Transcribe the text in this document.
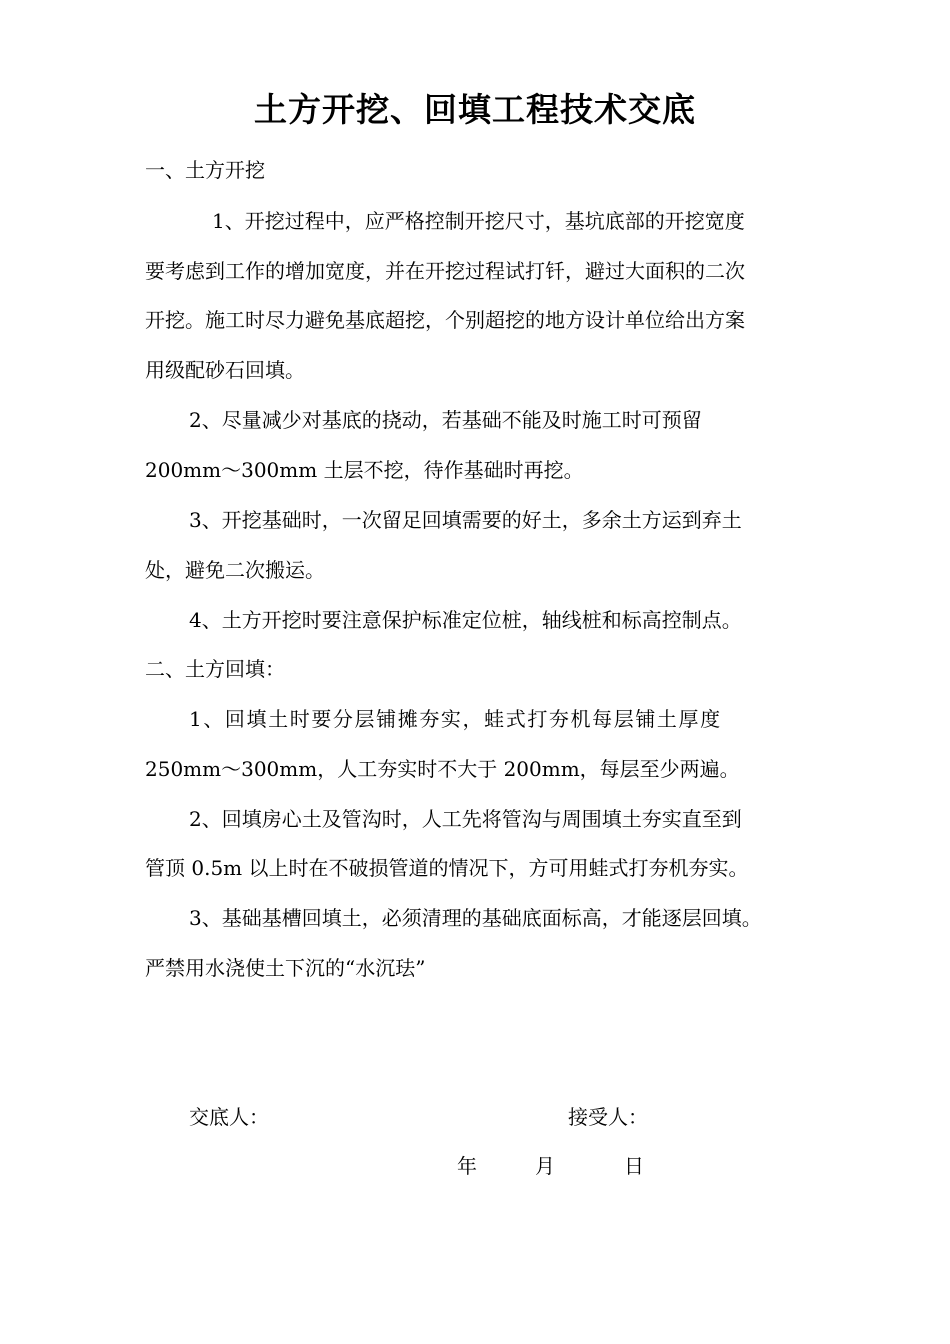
土方开挖、回填工程技术交底

一、土方开挖

1、开挖过程中，应严格控制开挖尺寸，基坑底部的开挖宽度

要考虑到工作的增加宽度，并在开挖过程试打钎，避过大面积的二次

开挖。施工时尽力避免基底超挖，个别超挖的地方设计单位给出方案

用级配砂石回填。

2、尽量减少对基底的挠动，若基础不能及时施工时可预留

200mm～300mm 土层不挖，待作基础时再挖。

3、开挖基础时，一次留足回填需要的好土，多余土方运到弃土

处，避免二次搬运。

4、土方开挖时要注意保护标准定位桩，轴线桩和标高控制点。

二、土方回填：

1、回填土时要分层铺摊夯实，蛙式打夯机每层铺土厚度

250mm～300mm，人工夯实时不大于 200mm，每层至少两遍。

2、回填房心土及管沟时，人工先将管沟与周围填土夯实直至到

管顶 0.5m 以上时在不破损管道的情况下，方可用蛙式打夯机夯实。

3、基础基槽回填土，必须清理的基础底面标高，才能逐层回填。

严禁用水浇使土下沉的“水沉珐”

交底人：	接受人：
年	月	日
